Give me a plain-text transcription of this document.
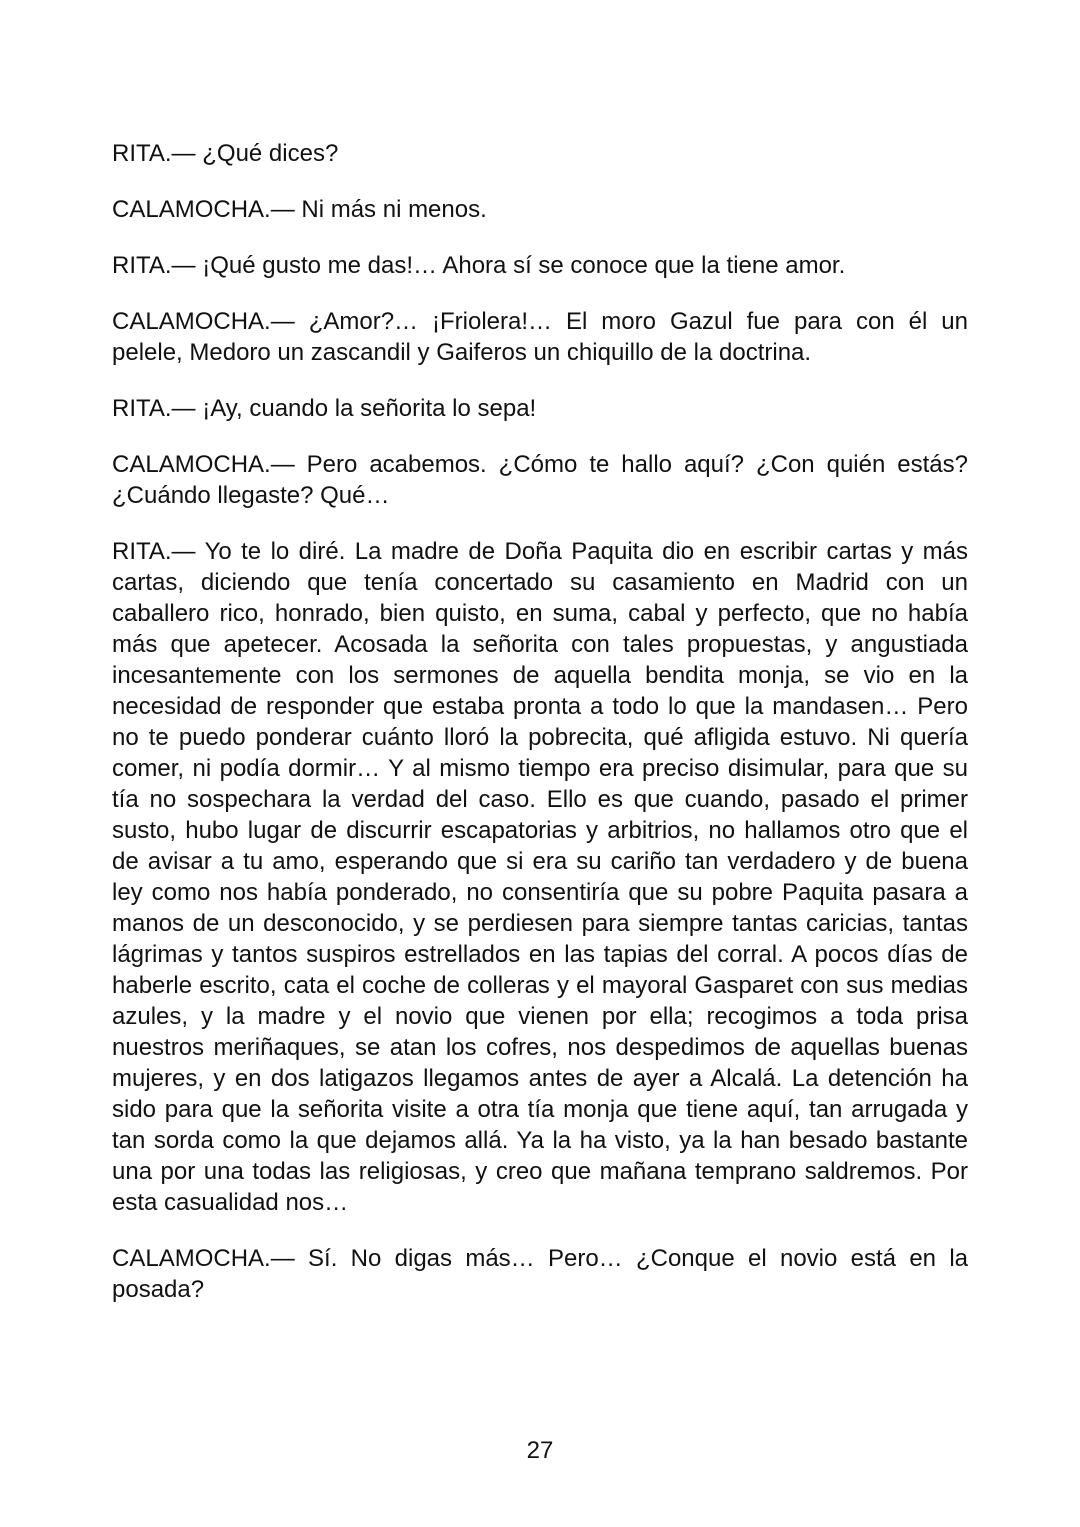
RITA.— ¿Qué dices?

CALAMOCHA.— Ni más ni menos.

RITA.— ¡Qué gusto me das!… Ahora sí se conoce que la tiene amor.

CALAMOCHA.— ¿Amor?… ¡Friolera!… El moro Gazul fue para con él un pelele, Medoro un zascandil y Gaiferos un chiquillo de la doctrina.

RITA.— ¡Ay, cuando la señorita lo sepa!

CALAMOCHA.— Pero acabemos. ¿Cómo te hallo aquí? ¿Con quién estás? ¿Cuándo llegaste? Qué…

RITA.— Yo te lo diré. La madre de Doña Paquita dio en escribir cartas y más cartas, diciendo que tenía concertado su casamiento en Madrid con un caballero rico, honrado, bien quisto, en suma, cabal y perfecto, que no había más que apetecer. Acosada la señorita con tales propuestas, y angustiada incesantemente con los sermones de aquella bendita monja, se vio en la necesidad de responder que estaba pronta a todo lo que la mandasen… Pero no te puedo ponderar cuánto lloró la pobrecita, qué afligida estuvo. Ni quería comer, ni podía dormir… Y al mismo tiempo era preciso disimular, para que su tía no sospechara la verdad del caso. Ello es que cuando, pasado el primer susto, hubo lugar de discurrir escapatorias y arbitrios, no hallamos otro que el de avisar a tu amo, esperando que si era su cariño tan verdadero y de buena ley como nos había ponderado, no consentiría que su pobre Paquita pasara a manos de un desconocido, y se perdiesen para siempre tantas caricias, tantas lágrimas y tantos suspiros estrellados en las tapias del corral. A pocos días de haberle escrito, cata el coche de colleras y el mayoral Gasparet con sus medias azules, y la madre y el novio que vienen por ella; recogimos a toda prisa nuestros meriñaques, se atan los cofres, nos despedimos de aquellas buenas mujeres, y en dos latigazos llegamos antes de ayer a Alcalá. La detención ha sido para que la señorita visite a otra tía monja que tiene aquí, tan arrugada y tan sorda como la que dejamos allá. Ya la ha visto, ya la han besado bastante una por una todas las religiosas, y creo que mañana temprano saldremos. Por esta casualidad nos…

CALAMOCHA.— Sí. No digas más… Pero… ¿Conque el novio está en la posada?

27
